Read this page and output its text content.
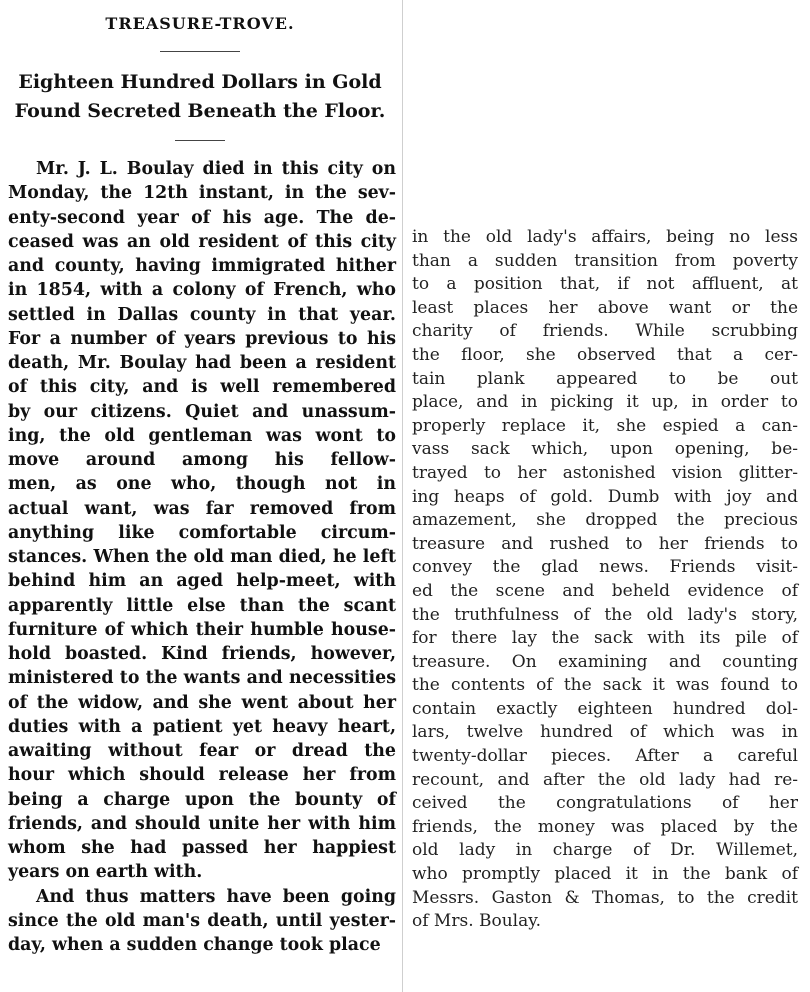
TREASURE-TROVE.
Eighteen Hundred Dollars in Gold
Found Secreted Beneath the Floor.
Mr. J. L. Boulay died in this city on
Monday, the 12th instant, in the sev-
enty-second year of his age. The de-
ceased was an old resident of this city
and county, having immigrated hither
in 1854, with a colony of French, who
settled in Dallas county in that year.
For a number of years previous to his
death, Mr. Boulay had been a resident
of this city, and is well remembered
by our citizens. Quiet and unassum-
ing, the old gentleman was wont to
move around among his fellow-
men, as one who, though not in
actual want, was far removed from
anything like comfortable circum-
stances. When the old man died, he left
behind him an aged help-meet, with
apparently little else than the scant
furniture of which their humble house-
hold boasted. Kind friends, however,
ministered to the wants and necessities
of the widow, and she went about her
duties with a patient yet heavy heart,
awaiting without fear or dread the
hour which should release her from
being a charge upon the bounty of
friends, and should unite her with him
whom she had passed her happiest
years on earth with.
And thus matters have been going
since the old man's death, until yester-
day, when a sudden change took place
in the old lady's affairs, being no less
than a sudden transition from poverty
to a position that, if not affluent, at
least places her above want or the
charity of friends. While scrubbing
the floor, she observed that a cer-
tain plank appeared to be out
place, and in picking it up, in order to
properly replace it, she espied a can-
vass sack which, upon opening, be-
trayed to her astonished vision glitter-
ing heaps of gold. Dumb with joy and
amazement, she dropped the precious
treasure and rushed to her friends to
convey the glad news. Friends visit-
ed the scene and beheld evidence of
the truthfulness of the old lady's story,
for there lay the sack with its pile of
treasure. On examining and counting
the contents of the sack it was found to
contain exactly eighteen hundred dol-
lars, twelve hundred of which was in
twenty-dollar pieces. After a careful
recount, and after the old lady had re-
ceived the congratulations of her
friends, the money was placed by the
old lady in charge of Dr. Willemet,
who promptly placed it in the bank of
Messrs. Gaston & Thomas, to the credit
of Mrs. Boulay.
